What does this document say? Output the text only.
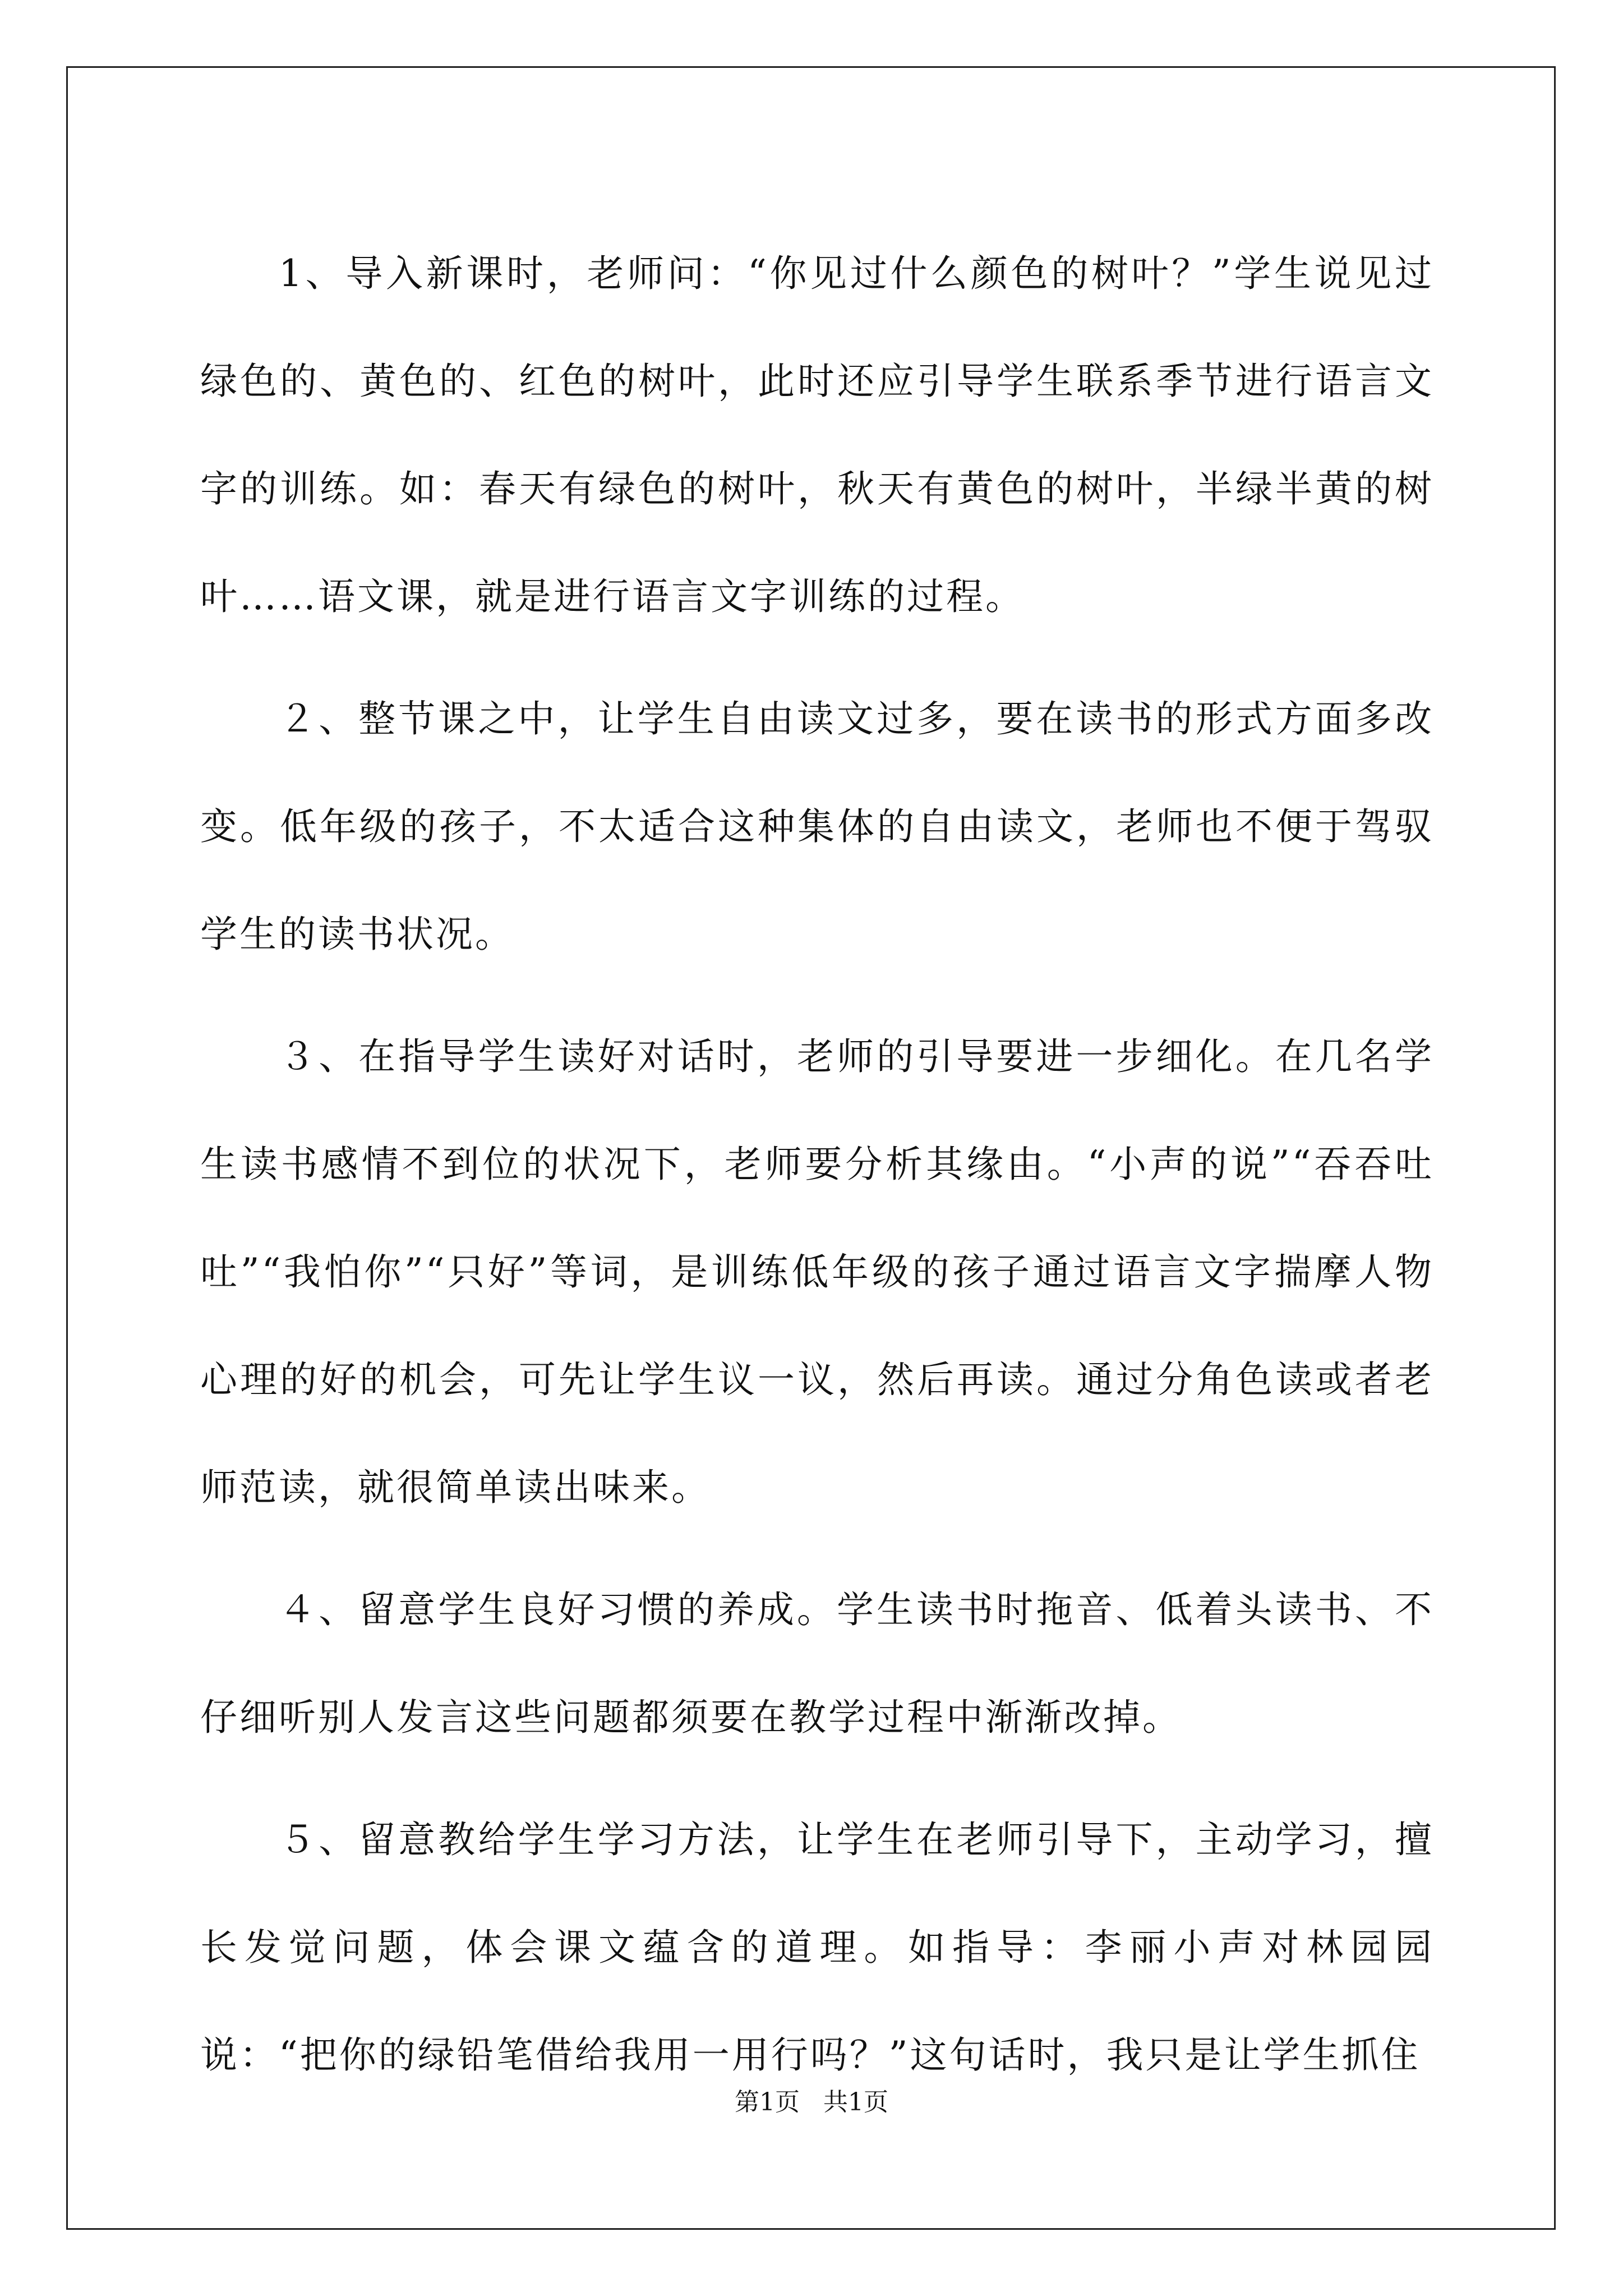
1、导入新课时，老师问：“你见过什么颜色的树叶？”学生说见过绿色的、黄色的、红色的树叶，此时还应引导学生联系季节进行语言文字的训练。如：春天有绿色的树叶，秋天有黄色的树叶，半绿半黄的树叶……语文课，就是进行语言文字训练的过程。

２、整节课之中，让学生自由读文过多，要在读书的形式方面多改变。低年级的孩子，不太适合这种集体的自由读文，老师也不便于驾驭学生的读书状况。

３、在指导学生读好对话时，老师的引导要进一步细化。在几名学生读书感情不到位的状况下，老师要分析其缘由。“小声的说”“吞吞吐吐”“我怕你”“只好”等词，是训练低年级的孩子通过语言文字揣摩人物心理的好的机会，可先让学生议一议，然后再读。通过分角色读或者老师范读，就很简单读出味来。

４、留意学生良好习惯的养成。学生读书时拖音、低着头读书、不仔细听别人发言这些问题都须要在教学过程中渐渐改掉。

５、留意教给学生学习方法，让学生在老师引导下，主动学习，擅长发觉问题，体会课文蕴含的道理。如指导：李丽小声对林园园说：“把你的绿铅笔借给我用一用行吗？”这句话时，我只是让学生抓住

第1页   共1页
